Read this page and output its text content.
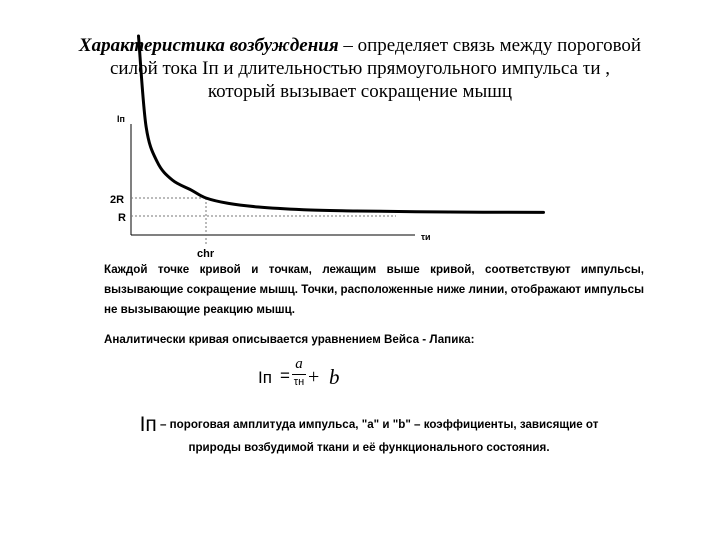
Характеристика возбуждения – определяет связь между пороговой
силой тока Iп и длительностью прямоугольного импульса τи ,
который вызывает сокращение мышц
Iп
τи
2R
R
chr
Каждой точке кривой и точкам, лежащим выше кривой, соответствуют импульсы, вызывающие сокращение мышц. Точки, расположенные ниже линии, отображают импульсы не вызывающие реакцию мышц.
Аналитически кривая описывается уравнением Вейса - Лапика:
Iп =
a
τн + b
Iп – пороговая амплитуда импульса, "а" и "b" – коэффициенты, зависящие от природы возбудимой ткани и её функционального состояния.
